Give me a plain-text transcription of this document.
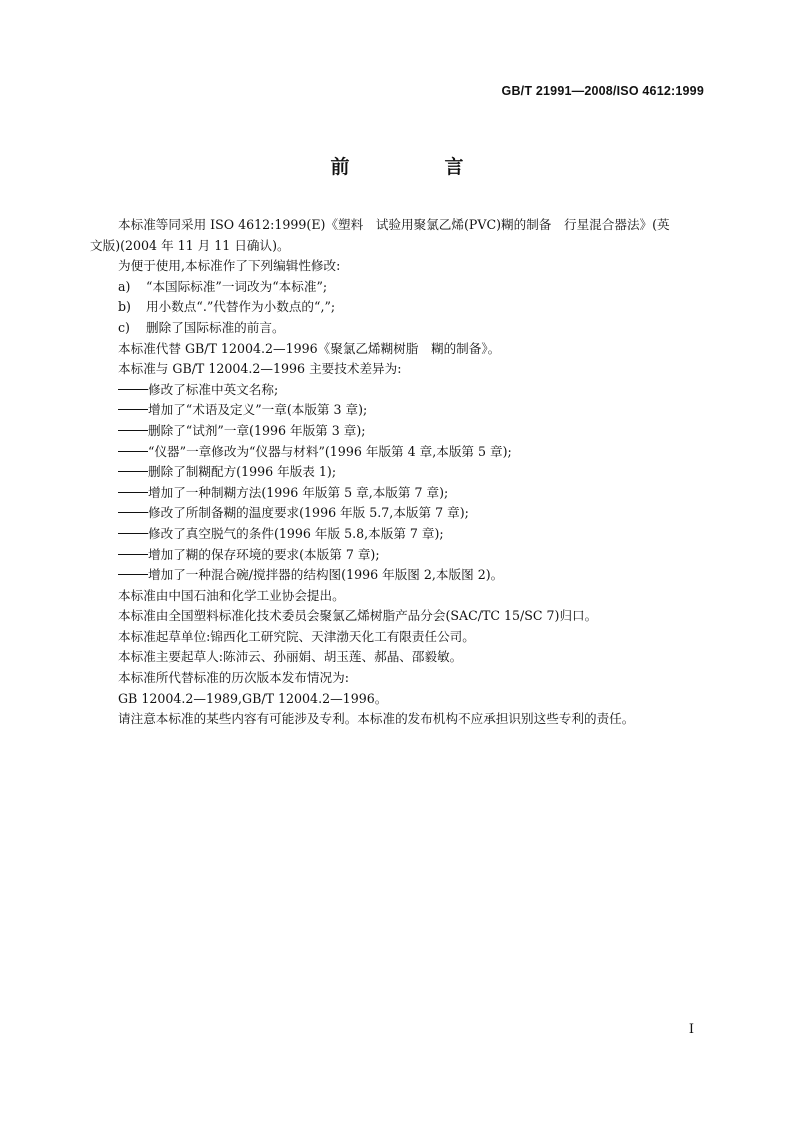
GB/T 21991—2008/ISO 4612:1999
前　言
本标准等同采用 ISO 4612:1999(E)《塑料　试验用聚氯乙烯(PVC)糊的制备　行星混合器法》(英
文版)(2004 年 11 月 11 日确认)。
为便于使用,本标准作了下列编辑性修改:
a)	“本国际标准”一词改为“本标准”;
b)	用小数点“.”代替作为小数点的“,”;
c)	删除了国际标准的前言。
本标准代替 GB/T 12004.2—1996《聚氯乙烯糊树脂　糊的制备》。
本标准与 GB/T 12004.2—1996 主要技术差异为:
修改了标准中英文名称;
增加了“术语及定义”一章(本版第 3 章);
删除了“试剂”一章(1996 年版第 3 章);
“仪器”一章修改为“仪器与材料”(1996 年版第 4 章,本版第 5 章);
删除了制糊配方(1996 年版表 1);
增加了一种制糊方法(1996 年版第 5 章,本版第 7 章);
修改了所制备糊的温度要求(1996 年版 5.7,本版第 7 章);
修改了真空脱气的条件(1996 年版 5.8,本版第 7 章);
增加了糊的保存环境的要求(本版第 7 章);
增加了一种混合碗/搅拌器的结构图(1996 年版图 2,本版图 2)。
本标准由中国石油和化学工业协会提出。
本标准由全国塑料标准化技术委员会聚氯乙烯树脂产品分会(SAC/TC 15/SC 7)归口。
本标准起草单位:锦西化工研究院、天津渤天化工有限责任公司。
本标准主要起草人:陈沛云、孙丽娟、胡玉莲、郝晶、邵毅敏。
本标准所代替标准的历次版本发布情况为:
GB 12004.2—1989,GB/T 12004.2—1996。
请注意本标准的某些内容有可能涉及专利。本标准的发布机构不应承担识别这些专利的责任。
I
